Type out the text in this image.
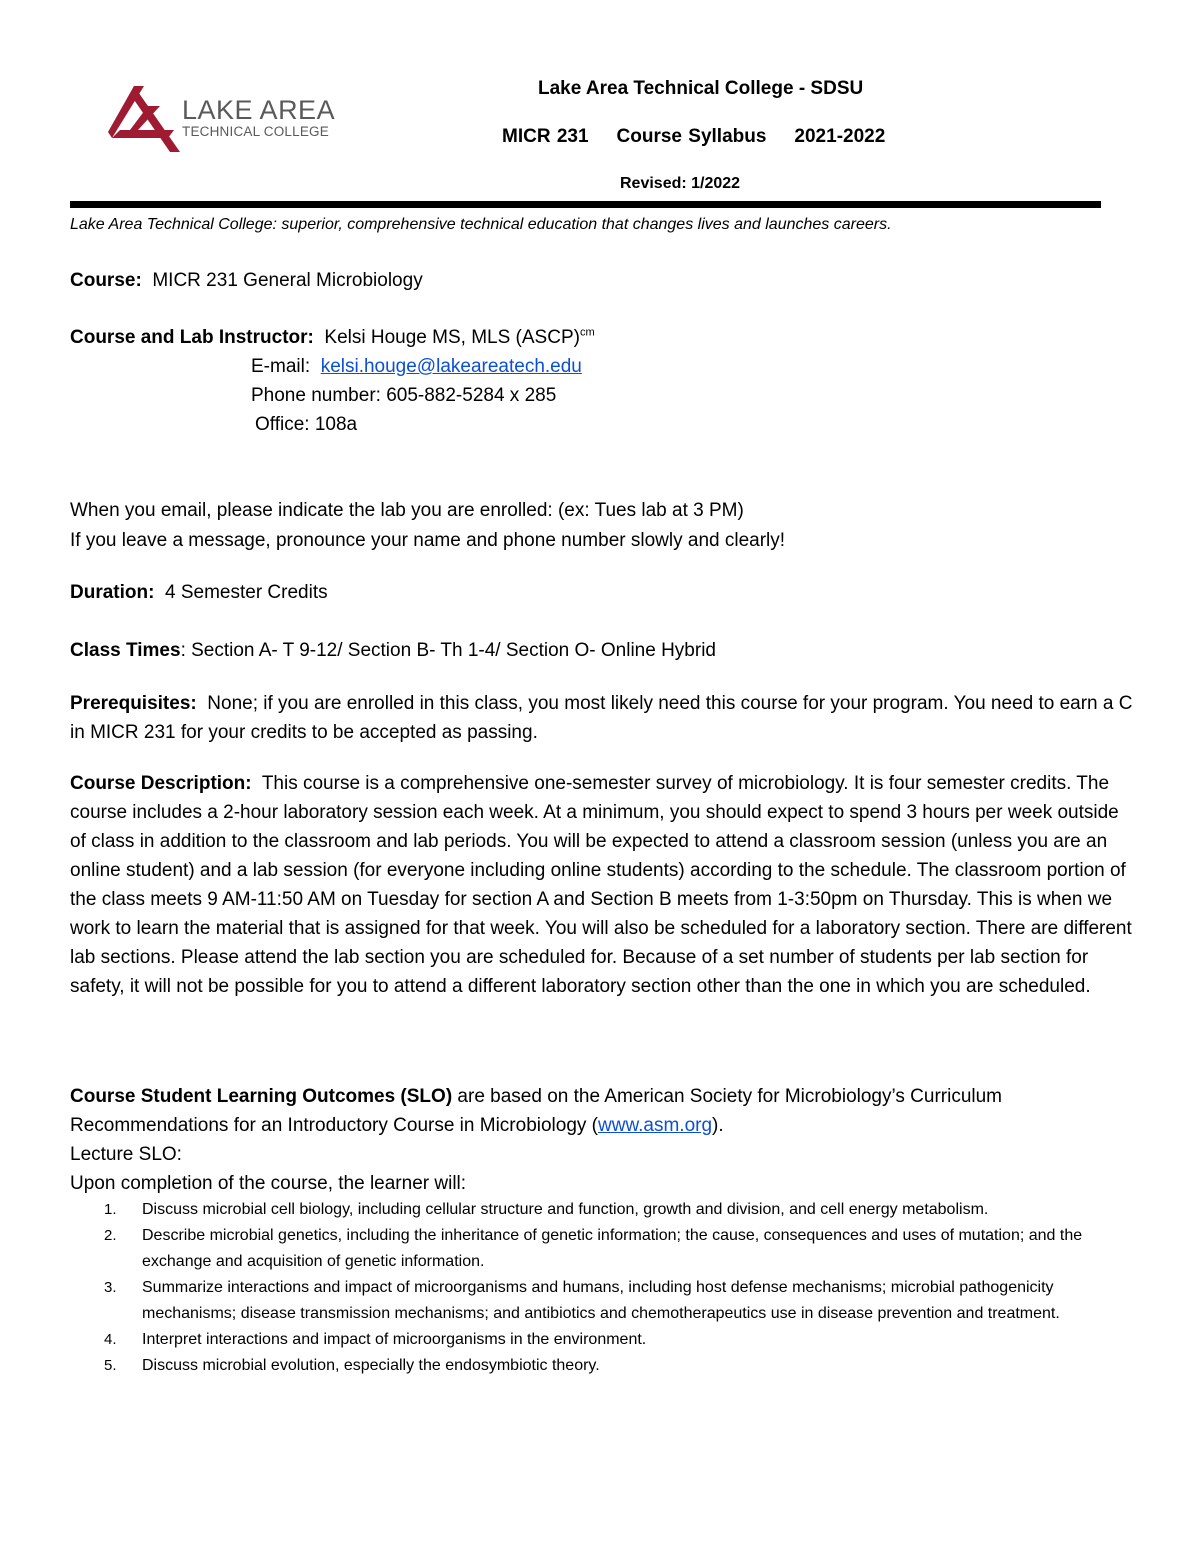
LAKE AREA
TECHNICAL COLLEGE
Lake Area Technical College - SDSU
MICR 231 Course Syllabus 2021-2022
Revised: 1/2022
Lake Area Technical College: superior, comprehensive technical education that changes lives and launches careers.
Course: MICR 231 General Microbiology
Course and Lab Instructor: Kelsi Houge MS, MLS (ASCP)$^{cm}$
E-mail:  kelsi.houge@lakeareatech.edu
Phone number: 605-882-5284 x 285
Office: 108a
When you email, please indicate the lab you are enrolled: (ex: Tues lab at 3 PM)
If you leave a message, pronounce your name and phone number slowly and clearly!
Duration: 4 Semester Credits
Class Times: Section A- T 9-12/ Section B- Th 1-4/ Section O- Online Hybrid
Prerequisites: None; if you are enrolled in this class, you most likely need this course for your program. You need to earn a C in MICR 231 for your credits to be accepted as passing.
Course Description: This course is a comprehensive one-semester survey of microbiology. It is four semester credits. The course includes a 2-hour laboratory session each week. At a minimum, you should expect to spend 3 hours per week outside of class in addition to the classroom and lab periods. You will be expected to attend a classroom session (unless you are an online student) and a lab session (for everyone including online students) according to the schedule. The classroom portion of the class meets 9 AM-11:50 AM on Tuesday for section A and Section B meets from 1-3:50pm on Thursday. This is when we work to learn the material that is assigned for that week. You will also be scheduled for a laboratory section. There are different lab sections. Please attend the lab section you are scheduled for. Because of a set number of students per lab section for safety, it will not be possible for you to attend a different laboratory section other than the one in which you are scheduled.
Course Student Learning Outcomes (SLO) are based on the American Society for Microbiology’s Curriculum Recommendations for an Introductory Course in Microbiology (www.asm.org).
Lecture SLO:
Upon completion of the course, the learner will:
1. Discuss microbial cell biology, including cellular structure and function, growth and division, and cell energy metabolism.
2. Describe microbial genetics, including the inheritance of genetic information; the cause, consequences and uses of mutation; and the exchange and acquisition of genetic information.
3. Summarize interactions and impact of microorganisms and humans, including host defense mechanisms; microbial pathogenicity mechanisms; disease transmission mechanisms; and antibiotics and chemotherapeutics use in disease prevention and treatment.
4. Interpret interactions and impact of microorganisms in the environment.
5. Discuss microbial evolution, especially the endosymbiotic theory.
